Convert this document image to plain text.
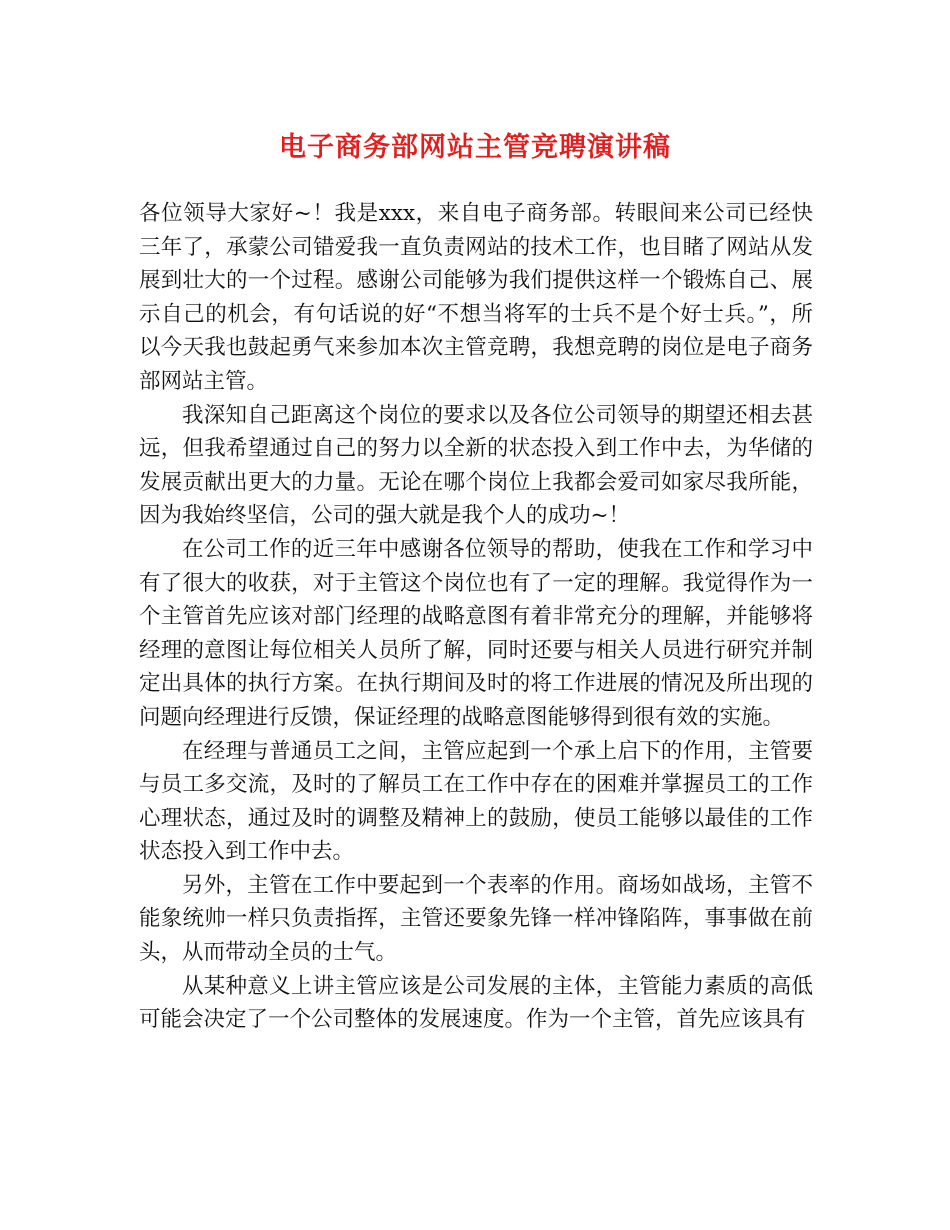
电子商务部网站主管竞聘演讲稿

各位领导大家好~！我是xxx，来自电子商务部。转眼间来公司已经快三年了，承蒙公司错爱我一直负责网站的技术工作，也目睹了网站从发展到壮大的一个过程。感谢公司能够为我们提供这样一个锻炼自己、展示自己的机会，有句话说的好“不想当将军的士兵不是个好士兵。”，所以今天我也鼓起勇气来参加本次主管竞聘，我想竞聘的岗位是电子商务部网站主管。

我深知自己距离这个岗位的要求以及各位公司领导的期望还相去甚远，但我希望通过自己的努力以全新的状态投入到工作中去，为华储的发展贡献出更大的力量。无论在哪个岗位上我都会爱司如家尽我所能，因为我始终坚信，公司的强大就是我个人的成功~！

在公司工作的近三年中感谢各位领导的帮助，使我在工作和学习中有了很大的收获，对于主管这个岗位也有了一定的理解。我觉得作为一个主管首先应该对部门经理的战略意图有着非常充分的理解，并能够将经理的意图让每位相关人员所了解，同时还要与相关人员进行研究并制定出具体的执行方案。在执行期间及时的将工作进展的情况及所出现的问题向经理进行反馈，保证经理的战略意图能够得到很有效的实施。

在经理与普通员工之间，主管应起到一个承上启下的作用，主管要与员工多交流，及时的了解员工在工作中存在的困难并掌握员工的工作心理状态，通过及时的调整及精神上的鼓励，使员工能够以最佳的工作状态投入到工作中去。

另外，主管在工作中要起到一个表率的作用。商场如战场，主管不能象统帅一样只负责指挥，主管还要象先锋一样冲锋陷阵，事事做在前头，从而带动全员的士气。

从某种意义上讲主管应该是公司发展的主体，主管能力素质的高低可能会决定了一个公司整体的发展速度。作为一个主管，首先应该具有
